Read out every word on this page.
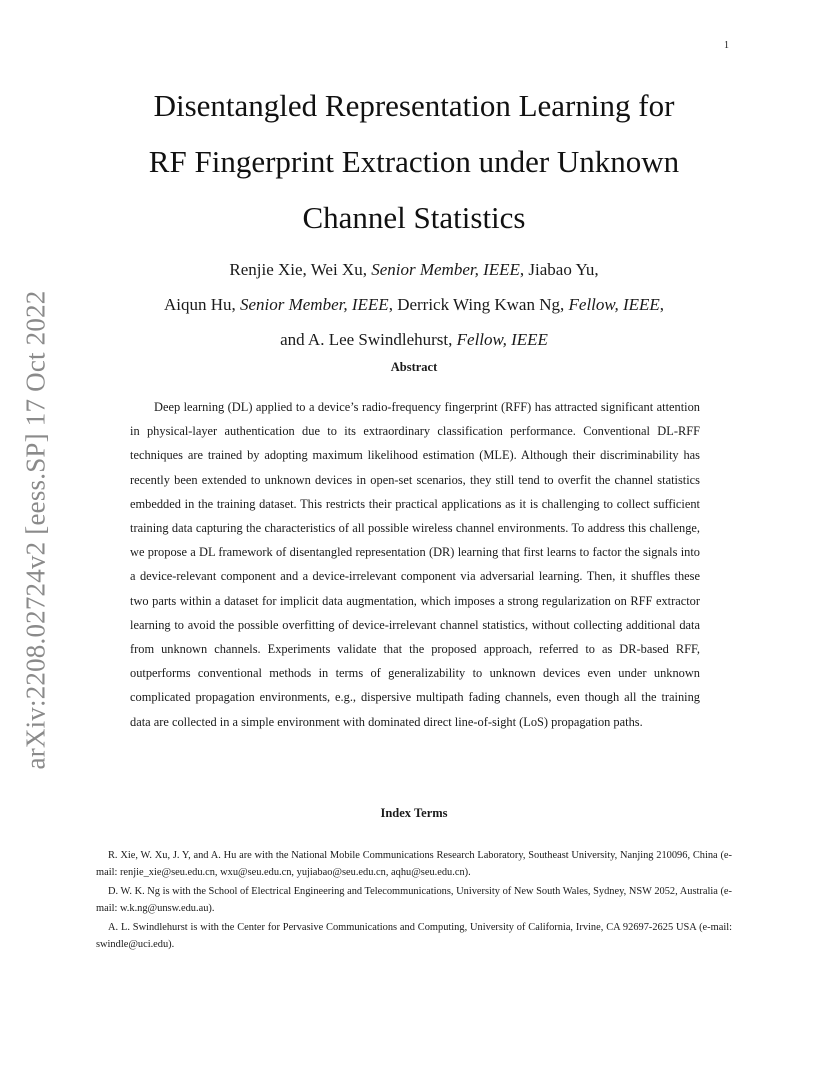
1
arXiv:2208.02724v2 [eess.SP] 17 Oct 2022
Disentangled Representation Learning for
RF Fingerprint Extraction under Unknown
Channel Statistics
Renjie Xie, Wei Xu, Senior Member, IEEE, Jiabao Yu,
Aiqun Hu, Senior Member, IEEE, Derrick Wing Kwan Ng, Fellow, IEEE,
and A. Lee Swindlehurst, Fellow, IEEE
Abstract

Deep learning (DL) applied to a device’s radio-frequency fingerprint (RFF) has attracted significant attention in physical-layer authentication due to its extraordinary classification performance. Conventional DL-RFF techniques are trained by adopting maximum likelihood estimation (MLE). Although their discriminability has recently been extended to unknown devices in open-set scenarios, they still tend to overfit the channel statistics embedded in the training dataset. This restricts their practical applications as it is challenging to collect sufficient training data capturing the characteristics of all possible wireless channel environments. To address this challenge, we propose a DL framework of disentangled representation (DR) learning that first learns to factor the signals into a device-relevant component and a device-irrelevant component via adversarial learning. Then, it shuffles these two parts within a dataset for implicit data augmentation, which imposes a strong regularization on RFF extractor learning to avoid the possible overfitting of device-irrelevant channel statistics, without collecting additional data from unknown channels. Experiments validate that the proposed approach, referred to as DR-based RFF, outperforms conventional methods in terms of generalizability to unknown devices even under unknown complicated propagation environments, e.g., dispersive multipath fading channels, even though all the training data are collected in a simple environment with dominated direct line-of-sight (LoS) propagation paths.

Index Terms

R. Xie, W. Xu, J. Y, and A. Hu are with the National Mobile Communications Research Laboratory, Southeast University, Nanjing 210096, China (e-mail: renjie_xie@seu.edu.cn, wxu@seu.edu.cn, yujiabao@seu.edu.cn, aqhu@seu.edu.cn).

D. W. K. Ng is with the School of Electrical Engineering and Telecommunications, University of New South Wales, Sydney, NSW 2052, Australia (e-mail: w.k.ng@unsw.edu.au).

A. L. Swindlehurst is with the Center for Pervasive Communications and Computing, University of California, Irvine, CA 92697-2625 USA (e-mail: swindle@uci.edu).
